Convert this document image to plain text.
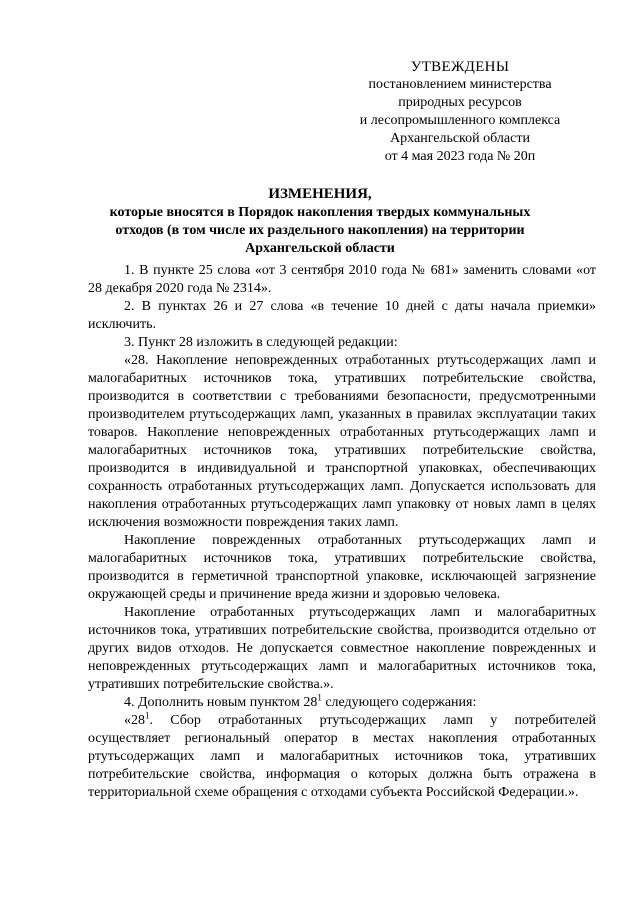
УТВЕЖДЕНЫ
постановлением министерства
природных ресурсов
и лесопромышленного комплекса
Архангельской области
от 4 мая 2023 года № 20п
ИЗМЕНЕНИЯ,
которые вносятся в Порядок накопления твердых коммунальных отходов (в том числе их раздельного накопления) на территории Архангельской области

1. В пункте 25 слова «от 3 сентября 2010 года № 681» заменить словами «от 28 декабря 2020 года № 2314».

2. В пунктах 26 и 27 слова «в течение 10 дней с даты начала приемки» исключить.

3. Пункт 28 изложить в следующей редакции:

«28. Накопление неповрежденных отработанных ртутьсодержащих ламп и малогабаритных источников тока, утративших потребительские свойства, производится в соответствии с требованиями безопасности, предусмотренными производителем ртутьсодержащих ламп, указанных в правилах эксплуатации таких товаров. Накопление неповрежденных отработанных ртутьсодержащих ламп и малогабаритных источников тока, утративших потребительские свойства, производится в индивидуальной и транспортной упаковках, обеспечивающих сохранность отработанных ртутьсодержащих ламп. Допускается использовать для накопления отработанных ртутьсодержащих ламп упаковку от новых ламп в целях исключения возможности повреждения таких ламп.

Накопление поврежденных отработанных ртутьсодержащих ламп и малогабаритных источников тока, утративших потребительские свойства, производится в герметичной транспортной упаковке, исключающей загрязнение окружающей среды и причинение вреда жизни и здоровью человека.

Накопление отработанных ртутьсодержащих ламп и малогабаритных источников тока, утративших потребительские свойства, производится отдельно от других видов отходов. Не допускается совместное накопление поврежденных и неповрежденных ртутьсодержащих ламп и малогабаритных источников тока, утративших потребительские свойства.».

4. Дополнить новым пунктом $28^1$ следующего содержания:

«$28^1$. Сбор отработанных ртутьсодержащих ламп у потребителей осуществляет региональный оператор в местах накопления отработанных ртутьсодержащих ламп и малогабаритных источников тока, утративших потребительские свойства, информация о которых должна быть отражена в территориальной схеме обращения с отходами субъекта Российской Федерации.».
